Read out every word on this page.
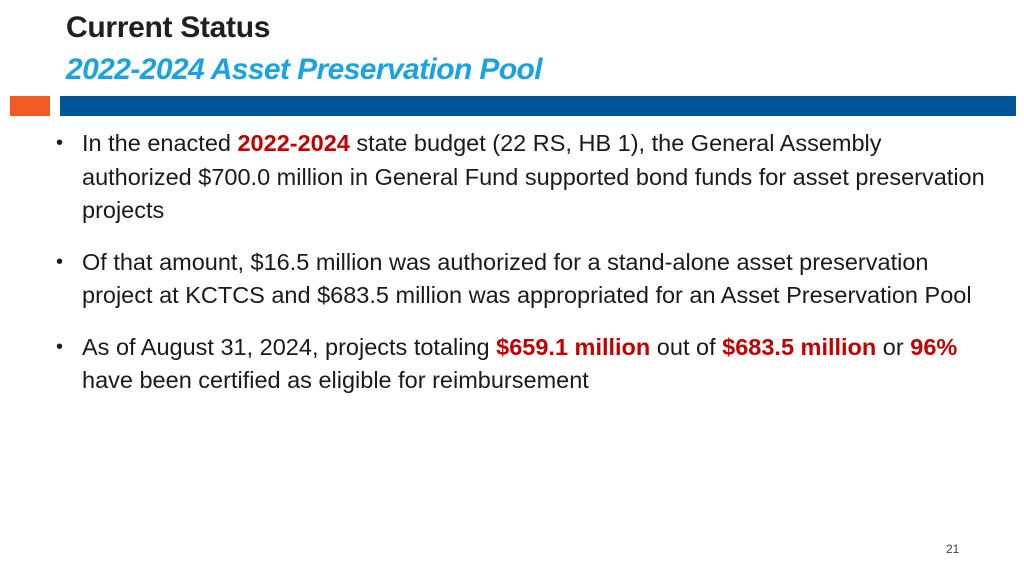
Current Status
2022-2024 Asset Preservation Pool
• In the enacted 2022-2024 state budget (22 RS, HB 1), the General Assembly authorized $700.0 million in General Fund supported bond funds for asset preservation projects
• Of that amount, $16.5 million was authorized for a stand-alone asset preservation project at KCTCS and $683.5 million was appropriated for an Asset Preservation Pool
• As of August 31, 2024, projects totaling $659.1 million out of $683.5 million or 96% have been certified as eligible for reimbursement
21
